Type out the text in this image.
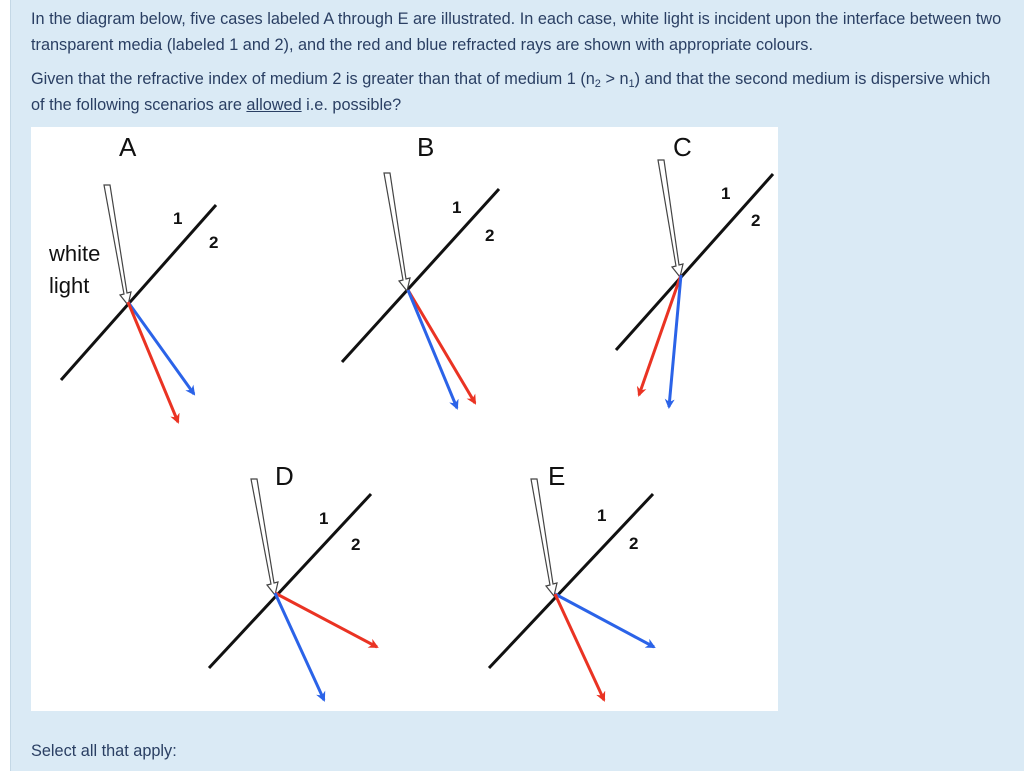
In the diagram below, five cases labeled A through E are illustrated. In each case, white light is incident upon the interface between two transparent media (labeled 1 and 2), and the red and blue refracted rays are shown with appropriate colours.

Given that the refractive index of medium 2 is greater than that of medium 1 $(n_2 > n_1)$ and that the second medium is dispersive which of the following scenarios are allowed i.e. possible?

A
1
2
white
light
B
1
2
C
1
2
D
1
2
E
1
2

Select all that apply:
